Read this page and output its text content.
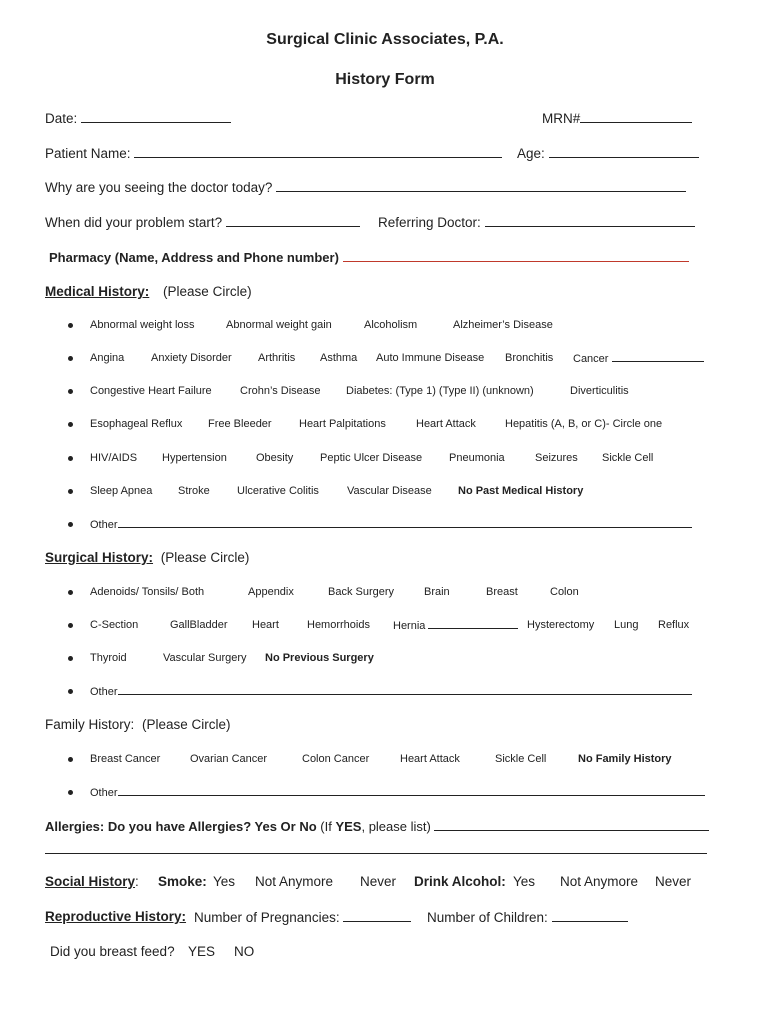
Surgical Clinic Associates, P.A.
History Form
Date:	MRN#
Patient Name:	Age:
Why are you seeing the doctor today?
When did your problem start?	Referring Doctor:
Pharmacy (Name, Address and Phone number)
Medical History: (Please Circle)
Abnormal weight loss	Abnormal weight gain	Alcoholism	Alzheimer’s Disease
Angina Anxiety Disorder Arthritis Asthma Auto Immune Disease Bronchitis Cancer
Congestive Heart Failure	Crohn’s Disease Diabetes: (Type 1) (Type II) (unknown)	Diverticulitis
Esophageal Reflux Free Bleeder Heart Palpitations	Heart Attack	Hepatitis (A, B, or C)- Circle one
HIV/AIDS Hypertension	Obesity Peptic Ulcer Disease Pneumonia	Seizures Sickle Cell
Sleep Apnea Stroke Ulcerative Colitis	Vascular Disease No Past Medical History
Other
Surgical History: (Please Circle)
Adenoids/ Tonsils/ Both	Appendix	Back Surgery	Brain	Breast	Colon
C-Section	GallBladder Heart	Hemorrhoids Hernia	Hysterectomy Lung Reflux
Thyroid	Vascular Surgery No Previous Surgery
Other
Family History: (Please Circle)
Breast Cancer	Ovarian Cancer	Colon Cancer	Heart Attack	Sickle Cell	No Family History
Other
Allergies: Do you have Allergies? Yes Or No (If YES, please list)
Social History: Smoke: Yes Not Anymore Never Drink Alcohol: Yes Not Anymore Never
Reproductive History: Number of Pregnancies:	Number of Children:
Did you breast feed? YES NO
